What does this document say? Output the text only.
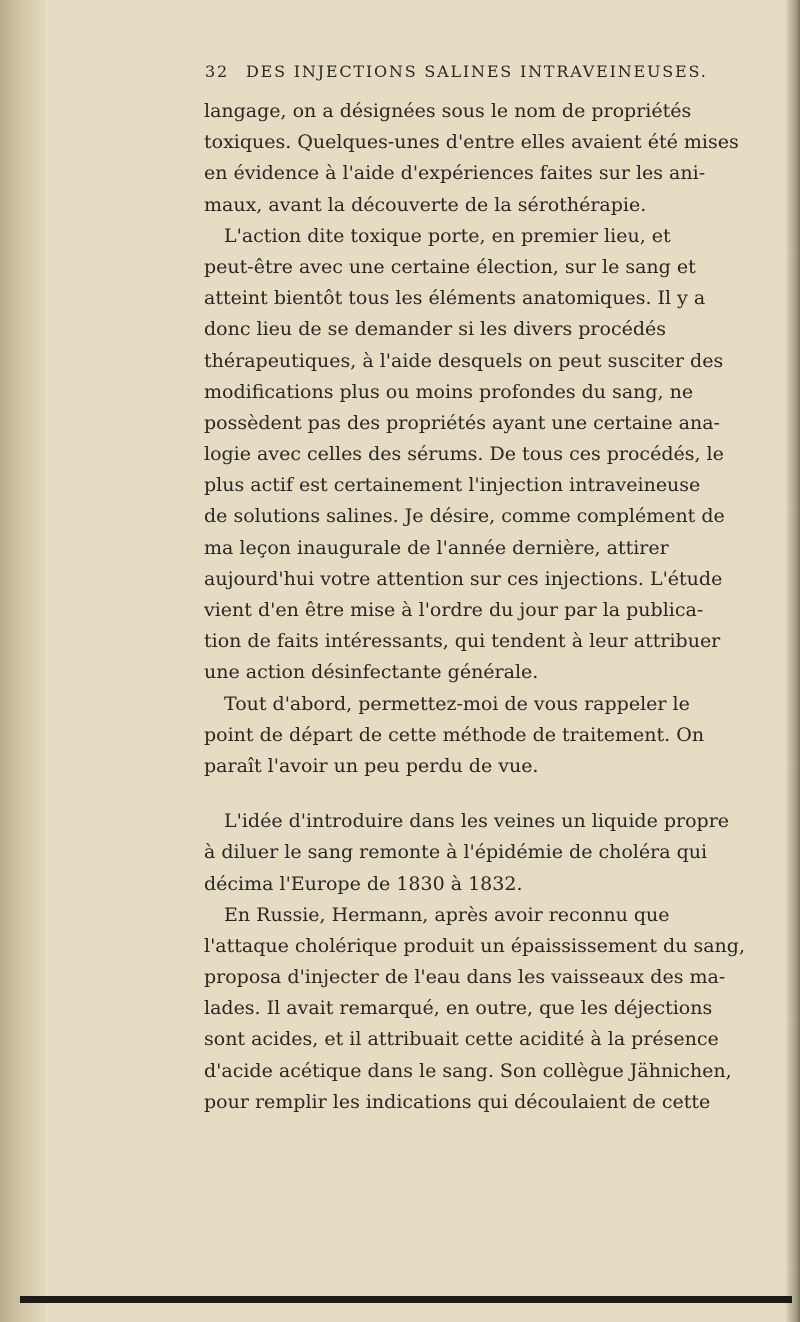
32 DES INJECTIONS SALINES INTRAVEINEUSES.
langage, on a désignées sous le nom de propriétés
toxiques. Quelques-unes d'entre elles avaient été mises
en évidence à l'aide d'expériences faites sur les ani-
maux, avant la découverte de la sérothérapie.
L'action dite toxique porte, en premier lieu, et
peut-être avec une certaine élection, sur le sang et
atteint bientôt tous les éléments anatomiques. Il y a
donc lieu de se demander si les divers procédés
thérapeutiques, à l'aide desquels on peut susciter des
modifications plus ou moins profondes du sang, ne
possèdent pas des propriétés ayant une certaine ana-
logie avec celles des sérums. De tous ces procédés, le
plus actif est certainement l'injection intraveineuse
de solutions salines. Je désire, comme complément de
ma leçon inaugurale de l'année dernière, attirer
aujourd'hui votre attention sur ces injections. L'étude
vient d'en être mise à l'ordre du jour par la publica-
tion de faits intéressants, qui tendent à leur attribuer
une action désinfectante générale.
Tout d'abord, permettez-moi de vous rappeler le
point de départ de cette méthode de traitement. On
paraît l'avoir un peu perdu de vue.
L'idée d'introduire dans les veines un liquide propre
à diluer le sang remonte à l'épidémie de choléra qui
décima l'Europe de 1830 à 1832.
En Russie, Hermann, après avoir reconnu que
l'attaque cholérique produit un épaississement du sang,
proposa d'injecter de l'eau dans les vaisseaux des ma-
lades. Il avait remarqué, en outre, que les déjections
sont acides, et il attribuait cette acidité à la présence
d'acide acétique dans le sang. Son collègue Jähnichen,
pour remplir les indications qui découlaient de cette
